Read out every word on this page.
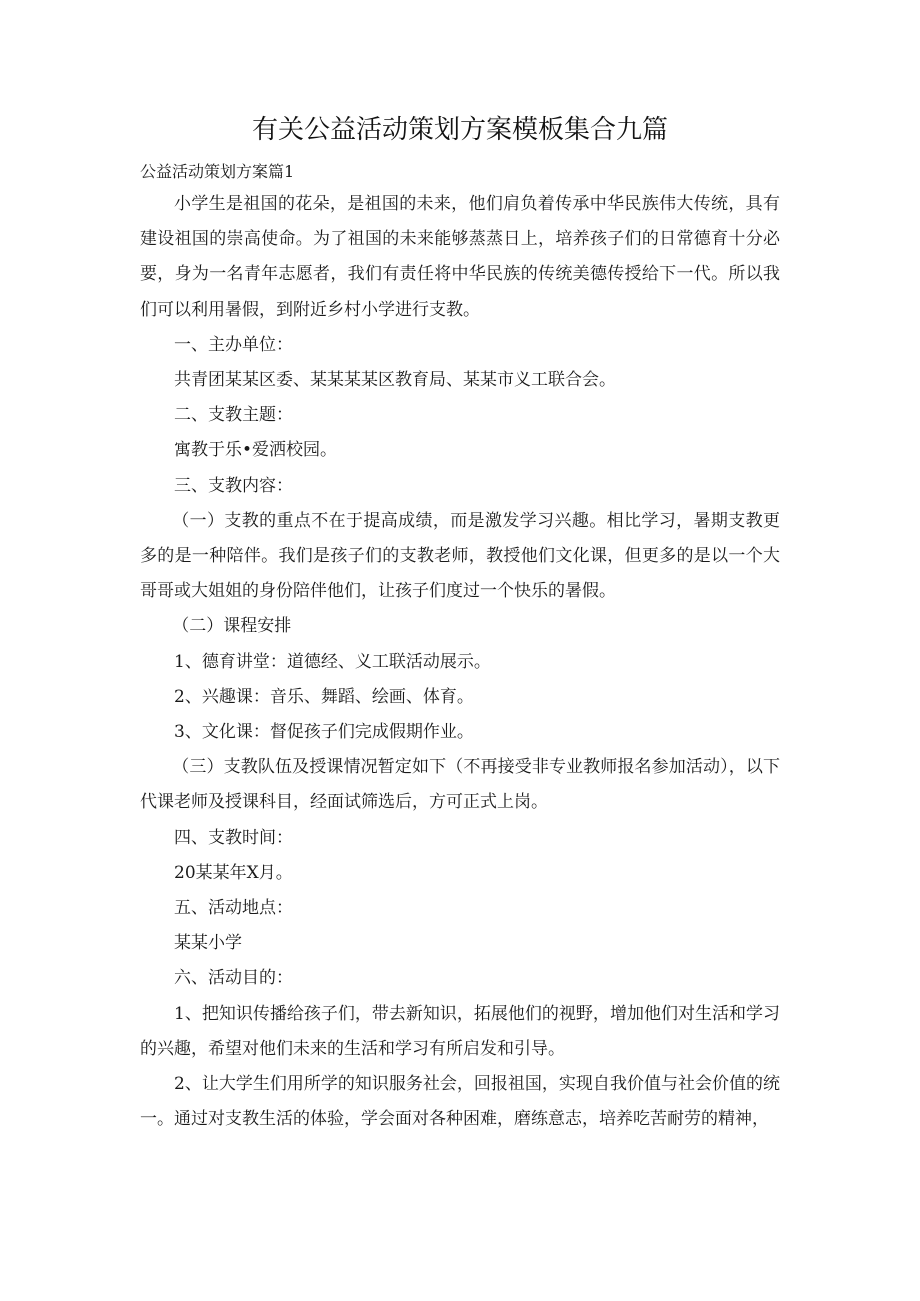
有关公益活动策划方案模板集合九篇
公益活动策划方案篇1

小学生是祖国的花朵，是祖国的未来，他们肩负着传承中华民族伟大传统，具有建设祖国的崇高使命。为了祖国的未来能够蒸蒸日上，培养孩子们的日常德育十分必要，身为一名青年志愿者，我们有责任将中华民族的传统美德传授给下一代。所以我们可以利用暑假，到附近乡村小学进行支教。

一、主办单位：

共青团某某区委、某某某某区教育局、某某市义工联合会。

二、支教主题：

寓教于乐•爱洒校园。

三、支教内容：

（一）支教的重点不在于提高成绩，而是激发学习兴趣。相比学习，暑期支教更多的是一种陪伴。我们是孩子们的支教老师，教授他们文化课，但更多的是以一个大哥哥或大姐姐的身份陪伴他们，让孩子们度过一个快乐的暑假。

（二）课程安排

1、德育讲堂：道德经、义工联活动展示。

2、兴趣课：音乐、舞蹈、绘画、体育。

3、文化课：督促孩子们完成假期作业。

（三）支教队伍及授课情况暂定如下（不再接受非专业教师报名参加活动），以下代课老师及授课科目，经面试筛选后，方可正式上岗。

四、支教时间：

20某某年X月。

五、活动地点：

某某小学

六、活动目的：

1、把知识传播给孩子们，带去新知识，拓展他们的视野，增加他们对生活和学习的兴趣，希望对他们未来的生活和学习有所启发和引导。

2、让大学生们用所学的知识服务社会，回报祖国，实现自我价值与社会价值的统一。通过对支教生活的体验，学会面对各种困难，磨练意志，培养吃苦耐劳的精神，
